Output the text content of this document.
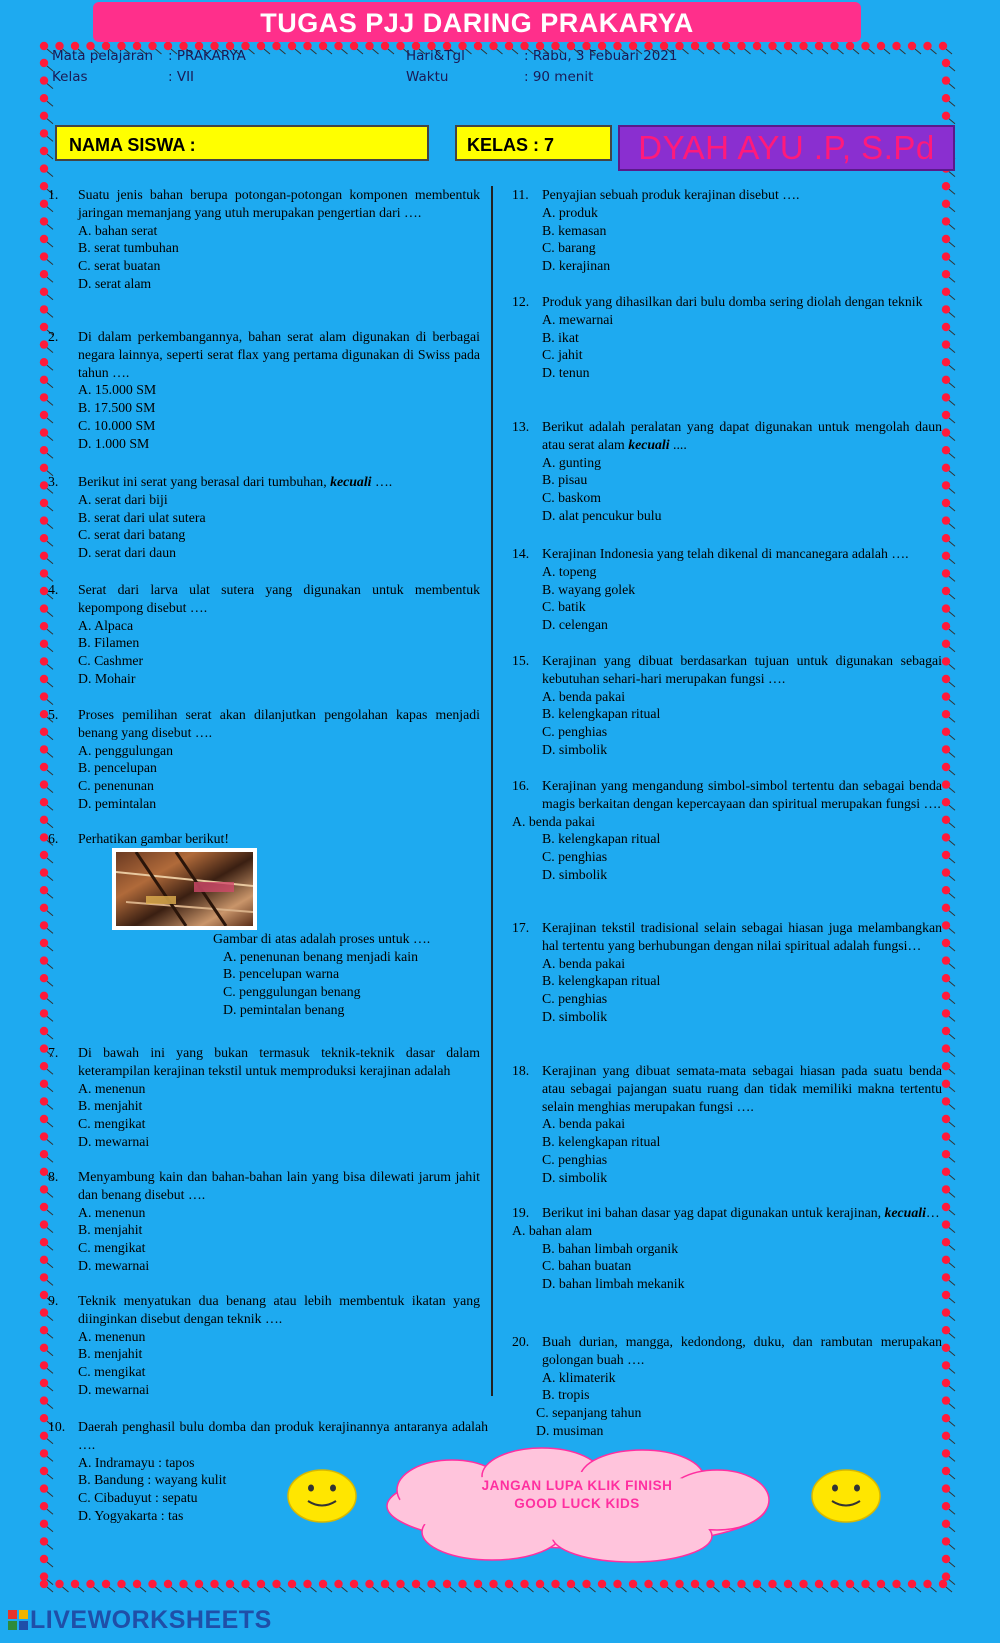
TUGAS PJJ DARING PRAKARYA
Mata pelajaran : PRAKARYA
Kelas	: VII
Hari&Tgl	: Rabu, 3 Febuari 2021
Waktu	: 90 menit
NAMA SISWA :	KELAS : 7	DYAH AYU .P, S.Pd
1. Suatu jenis bahan berupa potongan-potongan komponen membentuk jaringan memanjang yang utuh merupakan pengertian dari ….
A. bahan serat
B. serat tumbuhan
C. serat buatan
D. serat alam
2. Di dalam perkembangannya, bahan serat alam digunakan di berbagai negara lainnya, seperti serat flax yang pertama digunakan di Swiss pada tahun ….
A. 15.000 SM
B. 17.500 SM
C. 10.000 SM
D. 1.000 SM
3. Berikut ini serat yang berasal dari tumbuhan, kecuali ….
A. serat dari biji
B. serat dari ulat sutera
C. serat dari batang
D. serat dari daun
4. Serat dari larva ulat sutera yang digunakan untuk membentuk kepompong disebut ….
A. Alpaca
B. Filamen
C. Cashmer
D. Mohair
5. Proses pemilihan serat akan dilanjutkan pengolahan kapas menjadi benang yang disebut ….
A. penggulungan
B. pencelupan
C. penenunan
D. pemintalan
6. Perhatikan gambar berikut!
Gambar di atas adalah proses untuk ….
A. penenunan benang menjadi kain
B. pencelupan warna
C. penggulungan benang
D. pemintalan benang
7. Di bawah ini yang bukan termasuk teknik-teknik dasar dalam keterampilan kerajinan tekstil untuk memproduksi kerajinan adalah
A. menenun
B. menjahit
C. mengikat
D. mewarnai
8. Menyambung kain dan bahan-bahan lain yang bisa dilewati jarum jahit dan benang disebut ….
A. menenun
B. menjahit
C. mengikat
D. mewarnai
9. Teknik menyatukan dua benang atau lebih membentuk ikatan yang diinginkan disebut dengan teknik ….
A. menenun
B. menjahit
C. mengikat
D. mewarnai
10. Daerah penghasil bulu domba dan produk kerajinannya antaranya adalah ….
A. Indramayu : tapos
B. Bandung : wayang kulit
C. Cibaduyut : sepatu
D. Yogyakarta : tas
11. Penyajian sebuah produk kerajinan disebut ….
A. produk
B. kemasan
C. barang
D. kerajinan
12. Produk yang dihasilkan dari bulu domba sering diolah dengan teknik
A. mewarnai
B. ikat
C. jahit
D. tenun
13. Berikut adalah peralatan yang dapat digunakan untuk mengolah daun atau serat alam kecuali ....
A. gunting
B. pisau
C. baskom
D. alat pencukur bulu
14. Kerajinan Indonesia yang telah dikenal di mancanegara adalah ….
A. topeng
B. wayang golek
C. batik
D. celengan
15. Kerajinan yang dibuat berdasarkan tujuan untuk digunakan sebagai kebutuhan sehari-hari merupakan fungsi ….
A. benda pakai
B. kelengkapan ritual
C. penghias
D. simbolik
16. Kerajinan yang mengandung simbol-simbol tertentu dan sebagai benda magis berkaitan dengan kepercayaan dan spiritual merupakan fungsi ….
A. benda pakai
B. kelengkapan ritual
C. penghias
D. simbolik
17. Kerajinan tekstil tradisional selain sebagai hiasan juga melambangkan hal tertentu yang berhubungan dengan nilai spiritual adalah fungsi…
A. benda pakai
B. kelengkapan ritual
C. penghias
D. simbolik
18. Kerajinan yang dibuat semata-mata sebagai hiasan pada suatu benda atau sebagai pajangan suatu ruang dan tidak memiliki makna tertentu selain menghias merupakan fungsi ….
A. benda pakai
B. kelengkapan ritual
C. penghias
D. simbolik
19. Berikut ini bahan dasar yag dapat digunakan untuk kerajinan, kecuali…
A. bahan alam
B. bahan limbah organik
C. bahan buatan
D. bahan limbah mekanik
20. Buah durian, mangga, kedondong, duku, dan rambutan merupakan golongan buah ….
A. klimaterik
B. tropis
C. sepanjang tahun
D. musiman
JANGAN LUPA KLIK FINISH
GOOD LUCK KIDS
LIVEWORKSHEETS
